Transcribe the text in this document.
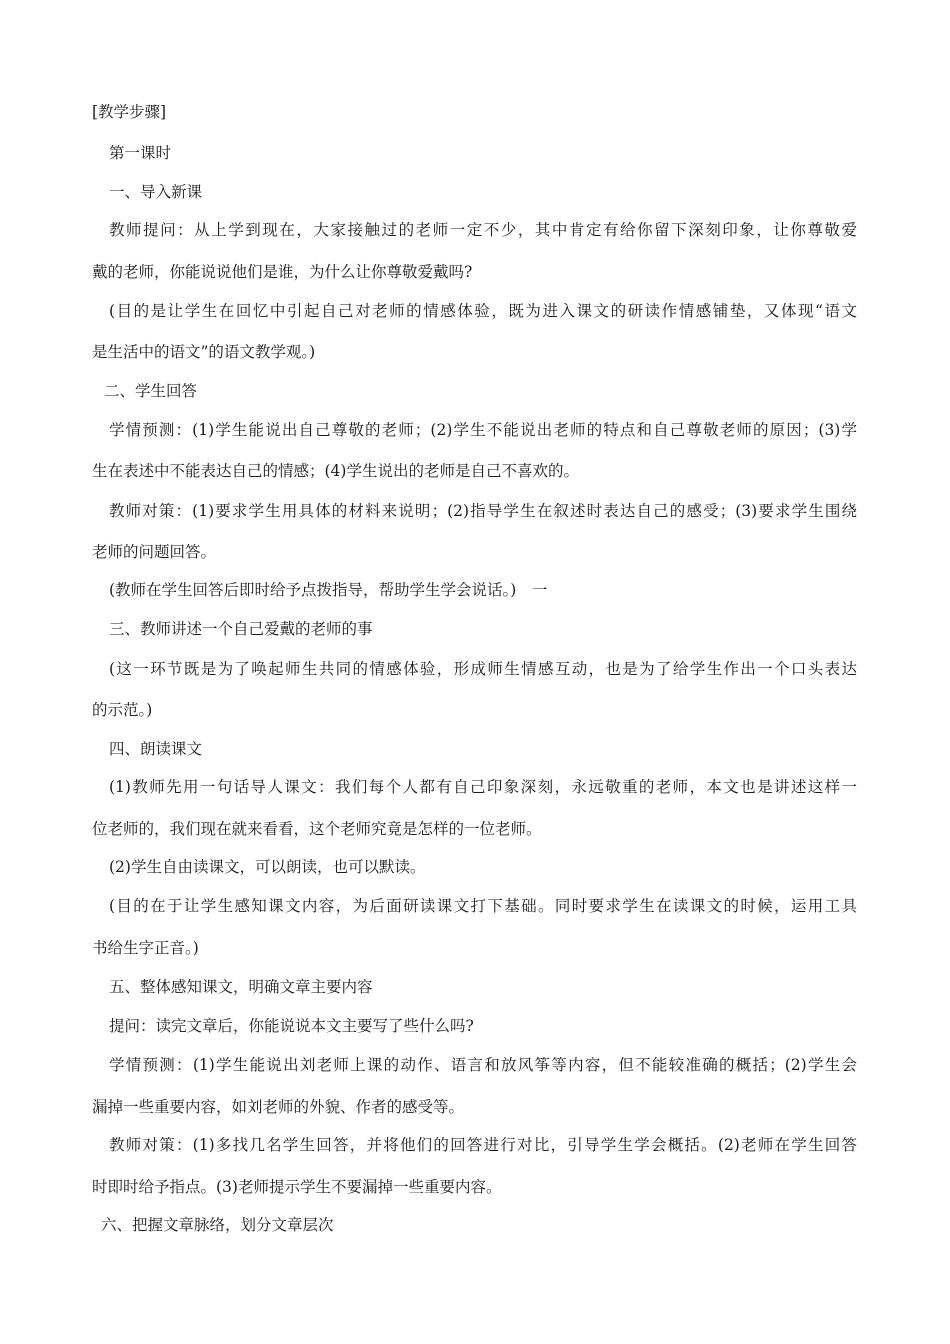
[教学步骤]
第一课时
一、导入新课
教师提问：从上学到现在，大家接触过的老师一定不少，其中肯定有给你留下深刻印象，让你尊敬爱
戴的老师，你能说说他们是谁，为什么让你尊敬爱戴吗?
(目的是让学生在回忆中引起自己对老师的情感体验，既为进入课文的研读作情感铺垫，又体现“语文
是生活中的语文”的语文教学观。)
二、学生回答
学情预测：(1)学生能说出自己尊敬的老师；(2)学生不能说出老师的特点和自己尊敬老师的原因；(3)学
生在表述中不能表达自己的情感；(4)学生说出的老师是自己不喜欢的。
教师对策：(1)要求学生用具体的材料来说明；(2)指导学生在叙述时表达自己的感受；(3)要求学生围绕
老师的问题回答。
(教师在学生回答后即时给予点拨指导，帮助学生学会说话。)　一
三、教师讲述一个自己爱戴的老师的事
(这一环节既是为了唤起师生共同的情感体验，形成师生情感互动，也是为了给学生作出一个口头表达
的示范。)
四、朗读课文
(1)教师先用一句话导人课文：我们每个人都有自己印象深刻，永远敬重的老师，本文也是讲述这样一
位老师的，我们现在就来看看，这个老师究竟是怎样的一位老师。
(2)学生自由读课文，可以朗读，也可以默读。
(目的在于让学生感知课文内容，为后面研读课文打下基础。同时要求学生在读课文的时候，运用工具
书给生字正音。)
五、整体感知课文，明确文章主要内容
提问：读完文章后，你能说说本文主要写了些什么吗?
学情预测：(1)学生能说出刘老师上课的动作、语言和放风筝等内容，但不能较准确的概括；(2)学生会
漏掉一些重要内容，如刘老师的外貌、作者的感受等。
教师对策：(1)多找几名学生回答，并将他们的回答进行对比，引导学生学会概括。(2)老师在学生回答
时即时给予指点。(3)老师提示学生不要漏掉一些重要内容。
六、把握文章脉络，划分文章层次
